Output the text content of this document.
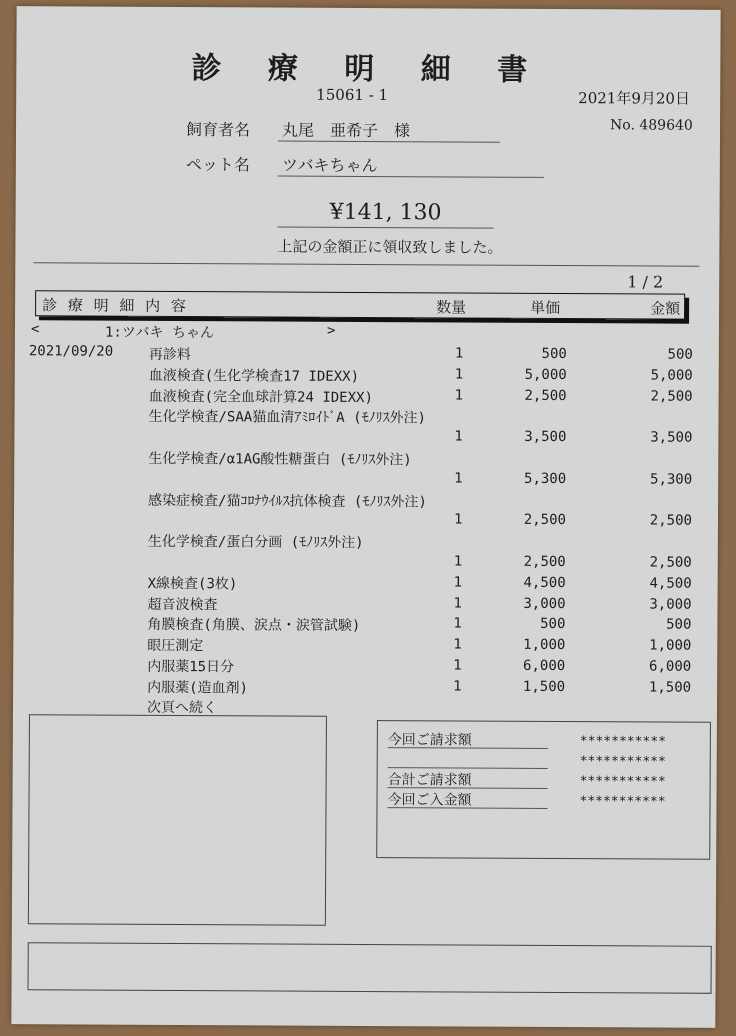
診 療 明 細 書
15061 - 1	2021年9月20日
No. 489640
飼育者名 丸尾　亜希子　様
ペット名 ツバキちゃん
¥141, 130
上記の金額正に領収致しました。
1 / 2
診 療 明 細 内 容	数量	単価	金額
<	1:ツバキ ちゃん	>
2021/09/20	再診料	1	500	500
血液検査(生化学検査17 IDEXX)	1	5,000	5,000
血液検査(完全血球計算24 IDEXX)	1	2,500	2,500
生化学検査/SAA猫血清ｱﾐﾛｲﾄﾞA (ﾓﾉﾘｽ外注)
1	3,500	3,500
生化学検査/α1AG酸性糖蛋白 (ﾓﾉﾘｽ外注)
1	5,300	5,300
感染症検査/猫ｺﾛﾅｳｲﾙｽ抗体検査 (ﾓﾉﾘｽ外注)
1	2,500	2,500
生化学検査/蛋白分画 (ﾓﾉﾘｽ外注)
1	2,500	2,500
X線検査(3枚)	1	4,500	4,500
超音波検査	1	3,000	3,000
角膜検査(角膜、涙点・涙管試験)	1	500	500
眼圧測定	1	1,000	1,000
内服薬15日分	1	6,000	6,000
内服薬(造血剤)	1	1,500	1,500
次頁へ続く
今回ご請求額	***********
***********
合計ご請求額	***********
今回ご入金額	***********
